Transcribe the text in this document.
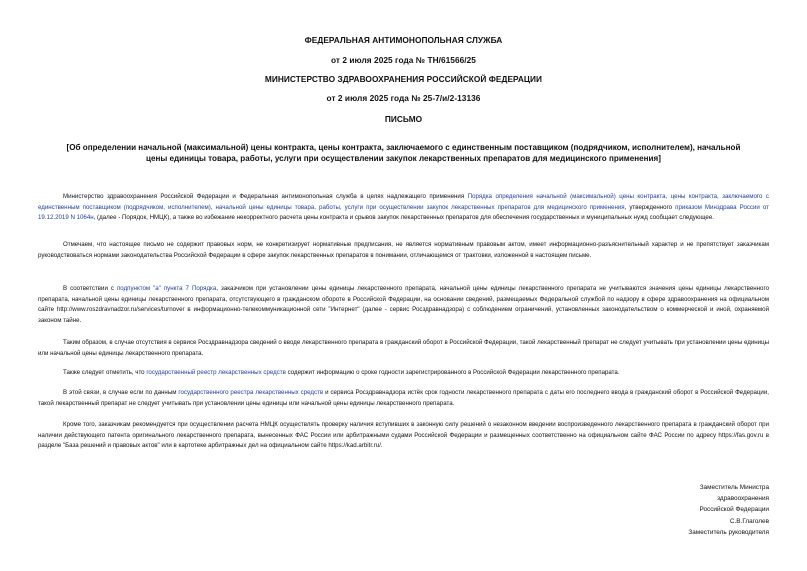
ФЕДЕРАЛЬНАЯ АНТИМОНОПОЛЬНАЯ СЛУЖБА
от 2 июля 2025 года № ТН/61566/25
МИНИСТЕРСТВО ЗДРАВООХРАНЕНИЯ РОССИЙСКОЙ ФЕДЕРАЦИИ
от 2 июля 2025 года № 25-7/и/2-13136
ПИСЬМО
[Об определении начальной (максимальной) цены контракта, цены контракта, заключаемого с единственным поставщиком (подрядчиком, исполнителем), начальной цены единицы товара, работы, услуги при осуществлении закупок лекарственных препаратов для медицинского применения]

Министерство здравоохранения Российской Федерации и Федеральная антимонопольная служба в целях надлежащего применения Порядка определения начальной (максимальной) цены контракта, цены контракта, заключаемого с единственным поставщиком (подрядчиком, исполнителем), начальной цены единицы товара, работы, услуги при осуществлении закупок лекарственных препаратов для медицинского применения, утвержденного приказом Минздрава России от 19.12.2019 N 1064н, (далее - Порядок, НМЦК), а также во избежание некорректного расчета цены контракта и срывов закупок лекарственных препаратов для обеспечения государственных и муниципальных нужд сообщает следующее.

Отмечаем, что настоящее письмо не содержит правовых норм, не конкретизирует нормативные предписания, не является нормативным правовым актом, имеет информационно-разъяснительный характер и не препятствует заказчикам руководствоваться нормами законодательства Российской Федерации в сфере закупок лекарственных препаратов в понимании, отличающемся от трактовки, изложенной в настоящем письме.

В соответствии с подпунктом "а" пункта 7 Порядка, заказчиком при установлении цены единицы лекарственного препарата, начальной цены единицы лекарственного препарата не учитываются значения цены единицы лекарственного препарата, начальной цены единицы лекарственного препарата, отсутствующего в гражданском обороте в Российской Федерации, на основании сведений, размещаемых Федеральной службой по надзору в сфере здравоохранения на официальном сайте http://www.roszdravnadzor.ru/services/turnover в информационно-телекоммуникационной сети "Интернет" (далее - сервис Росздравнадзора) с соблюдением ограничений, установленных законодательством о коммерческой и иной, охраняемой законом тайне.

Таким образом, в случае отсутствия в сервисе Росздравнадзора сведений о вводе лекарственного препарата в гражданский оборот в Российской Федерации, такой лекарственный препарат не следует учитывать при установлении цены единицы или начальной цены единицы лекарственного препарата.

Также следует отметить, что государственный реестр лекарственных средств содержит информацию о сроке годности зарегистрированного в Российской Федерации лекарственного препарата.

В этой связи, в случае если по данным государственного реестра лекарственных средств и сервиса Росздравнадзора истёк срок годности лекарственного препарата с даты его последнего ввода в гражданский оборот в Российской Федерации, такой лекарственный препарат не следует учитывать при установлении цены единицы или начальной цены единицы лекарственного препарата.

Кроме того, заказчикам рекомендуется при осуществлении расчета НМЦК осуществлять проверку наличия вступивших в законную силу решений о незаконном введении воспроизведенного лекарственного препарата в гражданский оборот при наличии действующего патента оригинального лекарственного препарата, вынесенных ФАС России или арбитражными судами Российской Федерации и размещенных соответственно на официальном сайте ФАС России по адресу https://fas.gov.ru в разделе "База решений и правовых актов" или в картотеке арбитражных дел на официальном сайте https://kad.arbitr.ru/.

Заместитель Министра
здравоохранения
Российской Федерации
С.В.Глаголев
Заместитель руководителя
